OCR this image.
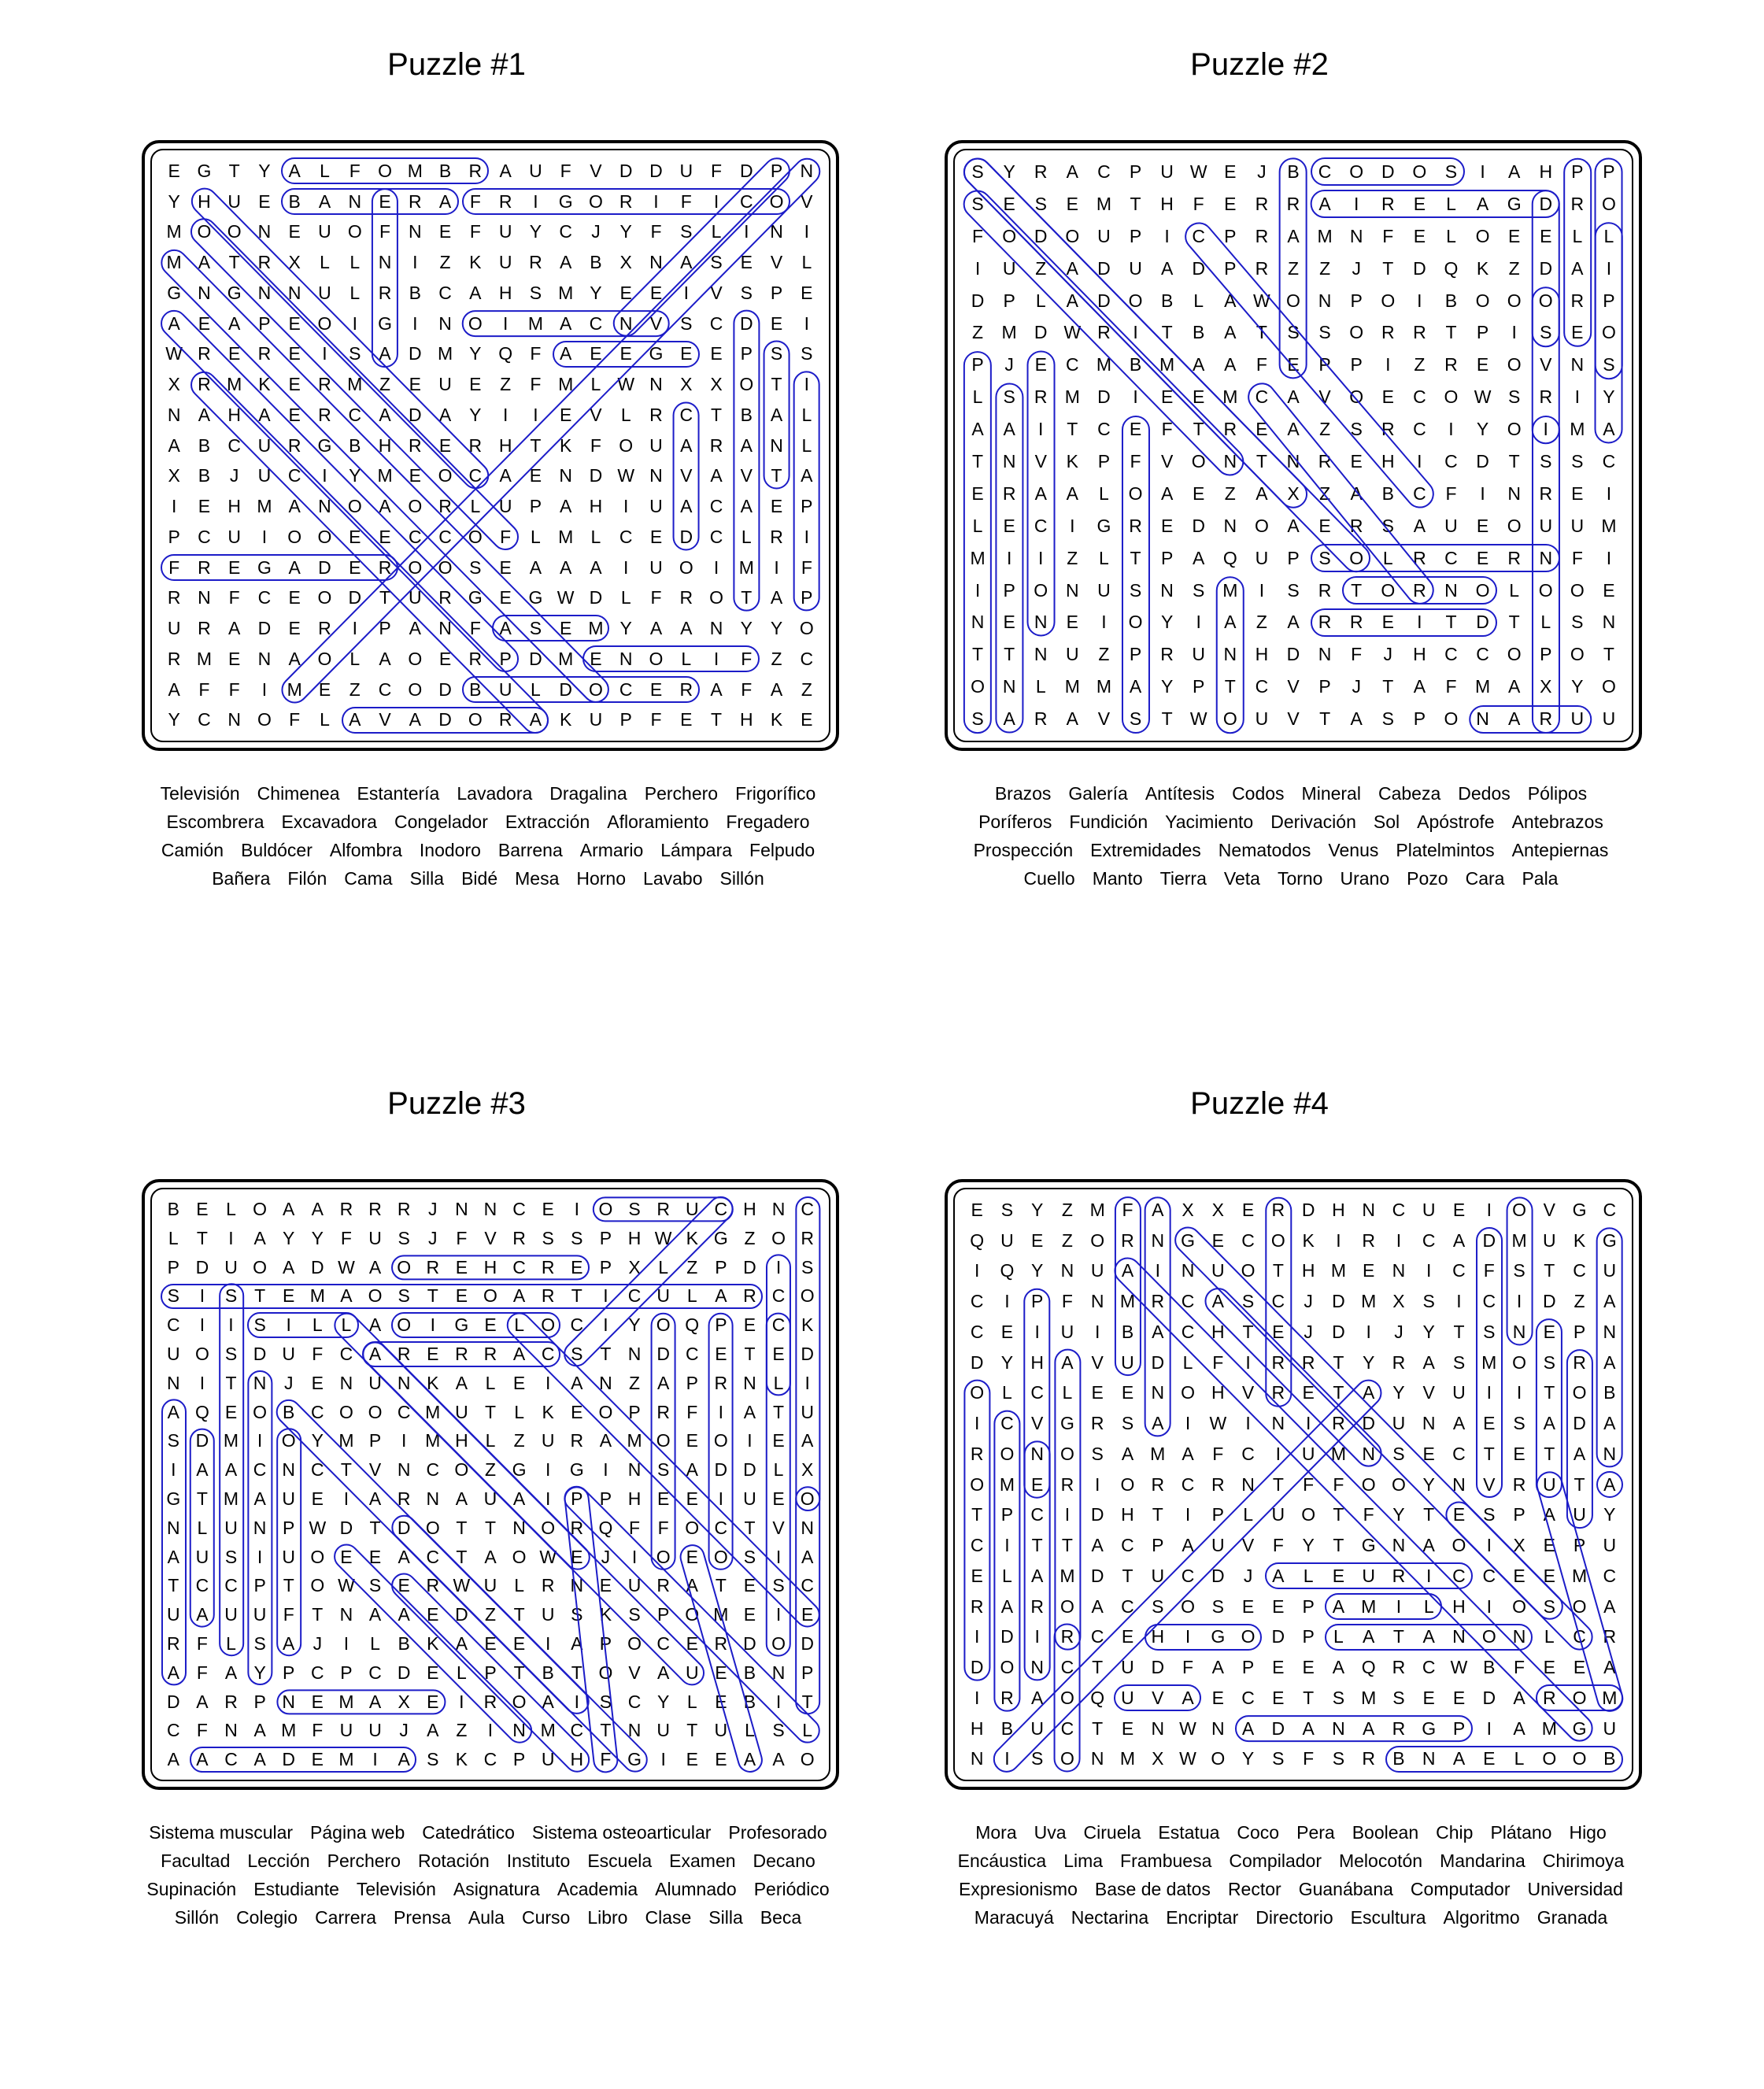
Puzzle #1
E G T	Y A	L	F O M B R A U F	V D D U F D P N
Y H U E B A N E R A	F R	I	G O R	I	F	I	C O V
M O O N E U O F N E	F U Y C	J	Y	F	S	L	I	N	I
M A	T R X	L	L	N	I	Z	K U R A B X N A S E V	L
G N G N N U	L	R B C A H S M Y E E	I	V S P E
A E A P E O	I	G	I	N O	I	M A C N V S C D E	I
W R E R E	I	S A D M Y Q F	A E E G E E P S S
X R M K E R M Z	E U E	Z	F M L W N X X O T	I
N A H A E R C A D A Y	I	I	E V	L	R C T	B A	L
A B C U R G B H R E R H T	K	F O U A R A N	L
X B	J	U C	I	Y M E O C A E N D W N V A V	T	A
I	E H M A N O A O R	L	U P A H	I	U A C A E P
P C U	I	O O E E C C O F	L M L	C E D C	L	R	I
F R E G A D E R O O S E A A A	I	U O	I	M	I	F
R N F C E O D T U R G E G W D	L	F R O T	A P
U R A D E R	I	P A N F	A S E M Y A A N Y Y O
R M E N A O L	A O E R P D M E N O L	I	F	Z C
A	F	F	I	M E	Z C O D B U	L	D O C E R A	F	A	Z
Y C N O F	L	A V A D O R A K U P	F	E	T H K E
Televisión Chimenea Estantería Lavadora Dragalina Perchero Frigorífico
Escombrera Excavadora Congelador Extracción Afloramiento Fregadero
Camión Buldócer Alfombra Inodoro Barrena Armario Lámpara Felpudo
Bañera Filón Cama Silla Bidé Mesa Horno Lavabo Sillón
Puzzle #2
S	Y	R	A	C	P	U W E	J	B	C O D O	S	I	A	H	P	P
S	E	S	E M	T	H	F	E	R	R	A	I	R	E	L	A	G D	R O
F	O D O U	P	I	C	P	R	A M N	F	E	L	O	E	E	L	L
I	U	Z	A	D	U	A	D	P	R	Z	Z	J	T	D Q	K	Z	D	A	I
D	P	L	A	D O	B	L	A W O N	P	O	I	B	O O O R	P
Z	M D W R	I	T	B	A	T	S	S	O R	R	T	P	I	S	E	O
P	J	E	C M B M A	A	F	E	P	P	I	Z	R	E	O	V	N	S
L	S	R M D	I	E	E M C	A	V	O	E	C O W S	R	I	Y
A	A	I	T	C	E	F	T	R	E	A	Z	S	R	C	I	Y	O	I	M A
T	N	V	K	P	F	V	O N	T	N	R	E	H	I	C	D	T	S	S	C
E	R	A	A	L	O	A	E	Z	A	X	Z	A	B	C	F	I	N	R	E	I
L	E	C	I	G R	E	D	N O	A	E	R	S	A	U	E	O U	U M
M	I	I	Z	L	T	P	A	Q U	P	S	O	L	R	C	E	R	N	F	I
I	P	O N	U	S	N	S M	I	S	R	T	O R	N O	L	O O	E
N	E	N	E	I	O	Y	I	A	Z	A	R	R	E	I	T	D	T	L	S	N
T	T	N	U	Z	P	R	U	N	H	D	N	F	J	H	C	C O	P	O	T
O N	L	M M A	Y	P	T	C	V	P	J	T	A	F	M A	X	Y	O
S	A	R	A	V	S	T W O U	V	T	A	S	P	O N	A	R	U	U
Brazos Galería Antítesis Codos Mineral Cabeza Dedos Pólipos
Poríferos Fundición Yacimiento Derivación Sol Apóstrofe Antebrazos
Prospección Extremidades Nematodos Venus Platelmintos Antepiernas
Cuello Manto Tierra Veta Torno Urano Pozo Cara Pala
Puzzle #3
B E L O A A R R R J N N C E	I	O S R U C H N C
L	T	I	A Y Y F U S	J	F V R S S P H W K G Z O R
P D U O A D W A O R E H C R E P X L	Z P D	I	S
S	I	S T E M A O S T E O A R T	I	C U L A R C O
C	I	I	S	I	L	L A O	I	G E L O C	I	Y O Q P E C K
U O S D U F C A R E R R A C S T N D C E T E D
N	I	T N J	E N U N K A L E	I	A N Z A P R N L	I
A Q E O B C O O C M U T	L K E O P R F	I	A T U
S D M	I	O Y M P	I	M H L	Z U R A M O E O	I	E A
I	A A C N C T V N C O Z G	I	G	I	N S A D D L X
G T M A U E	I	A R N A U A	I	P P H E E	I	U E O
N L U N P W D T D O T T N O R Q F F O C T V N
A U S	I	U O E E A C T A O W E	J	I	O E O S	I	A
T C C P T O W S E R W U L R N E U R A T E S C
U A U U F T N A A E D Z T U S K S P O M E	I	E
R F	L S A	J	I	L B K A E E	I	A P O C E R D O D
A F A Y P C P C D E L P T B T O V A U E B N P
D A R P N E M A X E	I	R O A	I	S C Y L E B	I	T
C F N A M F U U J	A Z	I	N M C T N U T U L S L
A A C A D E M	I	A S K C P U H F G	I	E E A A O
Sistema muscular Página web Catedrático Sistema osteoarticular Profesorado
Facultad Lección Perchero Rotación Instituto Escuela Examen Decano
Supinación Estudiante Televisión Asignatura Academia Alumnado Periódico
Sillón Colegio Carrera Prensa Aula Curso Libro Clase Silla Beca
Puzzle #4
E S Y	Z M F	A X X E R D H N C U E	I	O V G C
Q U E	Z O R N G E C O K	I	R	I	C A D M U K G
I	Q Y N U A	I	N U O T H M E N	I	C F	S	T C U
C	I	P	F N M R C A S C	J	D M X S	I	C	I	D Z	A
C E	I	U	I	B A C H T	E	J	D	I	J	Y	T	S N E P N
D Y H A V U D	L	F	I	R R T	Y R A S M O S R A
O L	C	L	E E N O H V R E	T	A Y V U	I	I	T O B
I	C V G R S A	I	W	I	N	I	R D U N A E S A D A
R O N O S A M A	F C	I	U M N S E C T	E	T	A N
O M E R	I	O R C R N T	F	F O O Y N V R U T	A
T	P C	I	D H T	I	P	L	U O T	F	Y	T	E S P A U Y
C	I	T	T	A C P A U V	F	Y	T G N A O	I	X E P U
E	L	A M D T U C D	J	A	L	E U R	I	C C E E M C
R A R O A C S O S E E P A M	I	L	H	I	O S O A
I	D	I	R C E H	I	G O D P	L	A	T	A N O N	L	C R
D O N C T U D F	A P E E A Q R C W B	F	E E A
I	R A O Q U V A E C E	T	S M S E E D A R O M
H B U C T	E N W N A D A N A R G P	I	A M G U
N	I	S O N M X W O Y S	F	S R B N A E	L O O B
Mora Uva Ciruela Estatua Coco Pera Boolean Chip Plátano Higo
Encáustica Lima Frambuesa Compilador Melocotón Mandarina Chirimoya
Expresionismo Base de datos Rector Guanábana Computador Universidad
Maracuyá Nectarina Encriptar Directorio Escultura Algoritmo Granada
